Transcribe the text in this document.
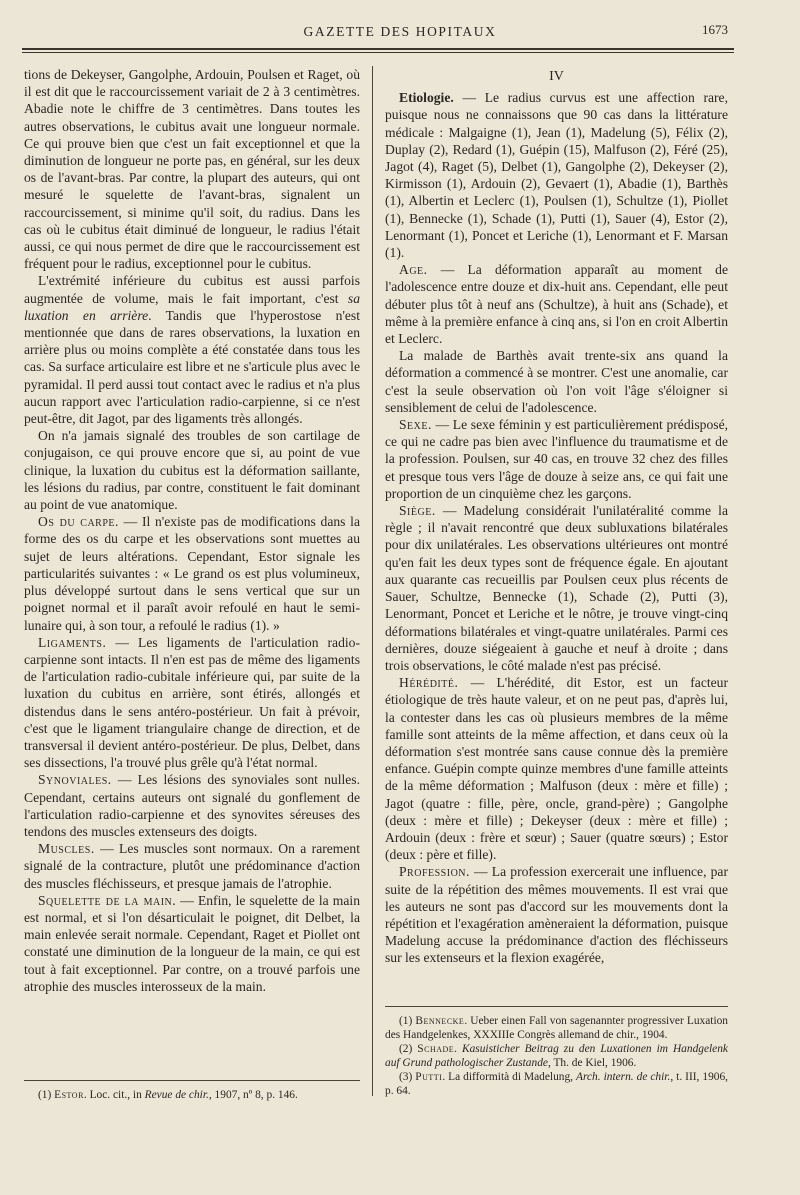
GAZETTE DES HOPITAUX	1673

tions de Dekeyser, Gangolphe, Ardouin, Poulsen et Raget, où il est dit que le raccourcissement variait de 2 à 3 centimètres. Abadie note le chiffre de 3 centimètres. Dans toutes les autres observations, le cubitus avait une longueur normale. Ce qui prouve bien que c'est un fait exceptionnel et que la diminution de longueur ne porte pas, en général, sur les deux os de l'avant-bras. Par contre, la plupart des auteurs, qui ont mesuré le squelette de l'avant-bras, signalent un raccourcissement, si minime qu'il soit, du radius. Dans les cas où le cubitus était diminué de longueur, le radius l'était aussi, ce qui nous permet de dire que le raccourcissement est fréquent pour le radius, exceptionnel pour le cubitus.

L'extrémité inférieure du cubitus est aussi parfois augmentée de volume, mais le fait important, c'est sa luxation en arrière. Tandis que l'hyperostose n'est mentionnée que dans de rares observations, la luxation en arrière plus ou moins complète a été constatée dans tous les cas. Sa surface articulaire est libre et ne s'articule plus avec le pyramidal. Il perd aussi tout contact avec le radius et n'a plus aucun rapport avec l'articulation radio-carpienne, si ce n'est peut-être, dit Jagot, par des ligaments très allongés.

On n'a jamais signalé des troubles de son cartilage de conjugaison, ce qui prouve encore que si, au point de vue clinique, la luxation du cubitus est la déformation saillante, les lésions du radius, par contre, constituent le fait dominant au point de vue anatomique.

Os du carpe. — Il n'existe pas de modifications dans la forme des os du carpe et les observations sont muettes au sujet de leurs altérations. Cependant, Estor signale les particularités suivantes : « Le grand os est plus volumineux, plus développé surtout dans le sens vertical que sur un poignet normal et il paraît avoir refoulé en haut le semi-lunaire qui, à son tour, a refoulé le radius (1). »

Ligaments. — Les ligaments de l'articulation radio-carpienne sont intacts. Il n'en est pas de même des ligaments de l'articulation radio-cubitale inférieure qui, par suite de la luxation du cubitus en arrière, sont étirés, allongés et distendus dans le sens antéro-postérieur. Un fait à prévoir, c'est que le ligament triangulaire change de direction, et de transversal il devient antéro-postérieur. De plus, Delbet, dans ses dissections, l'a trouvé plus grêle qu'à l'état normal.

Synoviales. — Les lésions des synoviales sont nulles. Cependant, certains auteurs ont signalé du gonflement de l'articulation radio-carpienne et des synovites séreuses des tendons des muscles extenseurs des doigts.

Muscles. — Les muscles sont normaux. On a rarement signalé de la contracture, plutôt une prédominance d'action des muscles fléchisseurs, et presque jamais de l'atrophie.

Squelette de la main. — Enfin, le squelette de la main est normal, et si l'on désarticulait le poignet, dit Delbet, la main enlevée serait normale. Cependant, Raget et Piollet ont constaté une diminution de la longueur de la main, ce qui est tout à fait exceptionnel. Par contre, on a trouvé parfois une atrophie des muscles interosseux de la main.

(1) Estor. Loc. cit., in Revue de chir., 1907, nº 8, p. 146.

IV

Etiologie. — Le radius curvus est une affection rare, puisque nous ne connaissons que 90 cas dans la littérature médicale : Malgaigne (1), Jean (1), Madelung (5), Félix (2), Duplay (2), Redard (1), Guépin (15), Malfuson (2), Féré (25), Jagot (4), Raget (5), Delbet (1), Gangolphe (2), Dekeyser (2), Kirmisson (1), Ardouin (2), Gevaert (1), Abadie (1), Barthès (1), Albertin et Leclerc (1), Poulsen (1), Schultze (1), Piollet (1), Bennecke (1), Schade (1), Putti (1), Sauer (4), Estor (2), Lenormant (1), Poncet et Leriche (1), Lenormant et F. Marsan (1).

Age. — La déformation apparaît au moment de l'adolescence entre douze et dix-huit ans. Cependant, elle peut débuter plus tôt à neuf ans (Schultze), à huit ans (Schade), et même à la première enfance à cinq ans, si l'on en croit Albertin et Leclerc.

La malade de Barthès avait trente-six ans quand la déformation a commencé à se montrer. C'est une anomalie, car c'est la seule observation où l'on voit l'âge s'éloigner si sensiblement de celui de l'adolescence.

Sexe. — Le sexe féminin y est particulièrement prédisposé, ce qui ne cadre pas bien avec l'influence du traumatisme et de la profession. Poulsen, sur 40 cas, en trouve 32 chez des filles et presque tous vers l'âge de douze à seize ans, ce qui fait une proportion de un cinquième chez les garçons.

Siège. — Madelung considérait l'unilatéralité comme la règle ; il n'avait rencontré que deux subluxations bilatérales pour dix unilatérales. Les observations ultérieures ont montré qu'en fait les deux types sont de fréquence égale. En ajoutant aux quarante cas recueillis par Poulsen ceux plus récents de Sauer, Schultze, Bennecke (1), Schade (2), Putti (3), Lenormant, Poncet et Leriche et le nôtre, je trouve vingt-cinq déformations bilatérales et vingt-quatre unilatérales. Parmi ces dernières, douze siégeaient à gauche et neuf à droite ; dans trois observations, le côté malade n'est pas précisé.

Hérédité. — L'hérédité, dit Estor, est un facteur étiologique de très haute valeur, et on ne peut pas, d'après lui, la contester dans les cas où plusieurs membres de la même famille sont atteints de la même affection, et dans ceux où la déformation s'est montrée sans cause connue dès la première enfance. Guépin compte quinze membres d'une famille atteints de la même déformation ; Malfuson (deux : mère et fille) ; Jagot (quatre : fille, père, oncle, grand-père) ; Gangolphe (deux : mère et fille) ; Dekeyser (deux : mère et fille) ; Ardouin (deux : frère et sœur) ; Sauer (quatre sœurs) ; Estor (deux : père et fille).

Profession. — La profession exercerait une influence, par suite de la répétition des mêmes mouvements. Il est vrai que les auteurs ne sont pas d'accord sur les mouvements dont la répétition et l'exagération amèneraient la déformation, puisque Madelung accuse la prédominance d'action des fléchisseurs sur les extenseurs et la flexion exagérée,

(1) Bennecke. Ueber einen Fall von sagenannter progressiver Luxation des Handgelenkes, XXXIIIe Congrès allemand de chir., 1904.

(2) Schade. Kasuisticher Beitrag zu den Luxationen im Handgelenk auf Grund pathologischer Zustande, Th. de Kiel, 1906.

(3) Putti. La difformità di Madelung, Arch. intern. de chir., t. III, 1906, p. 64.
